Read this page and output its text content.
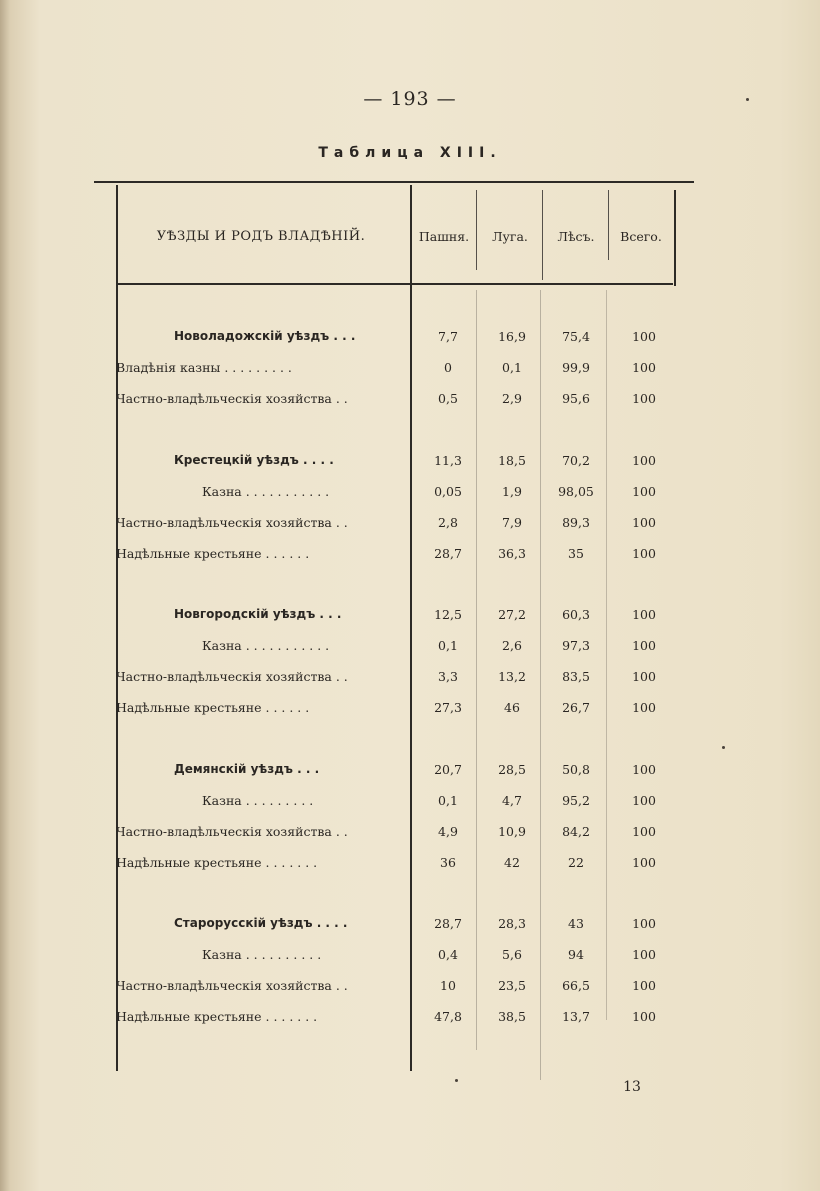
— 193 —
Таблица XIII.
УѢЗДЫ И РОДЪ ВЛАДѢНІЙ.	Пашня.	Луга.	Лѣсъ.	Всего.
Новоладожскій уѣздъ . . .	7,7	16,9	75,4	100
Владѣнія казны . . . . . . . . .	0	0,1	99,9	100
Частно-владѣльческія хозяйства . .	0,5	2,9	95,6	100
Крестецкій уѣздъ . . . .	11,3	18,5	70,2	100
Казна . . . . . . . . . . .	0,05	1,9	98,05	100
Частно-владѣльческія хозяйства . .	2,8	7,9	89,3	100
Надѣльные крестьяне . . . . . .	28,7	36,3	35	100
Новгородскій уѣздъ . . .	12,5	27,2	60,3	100
Казна . . . . . . . . . . .	0,1	2,6	97,3	100
Частно-владѣльческія хозяйства . .	3,3	13,2	83,5	100
Надѣльные крестьяне . . . . . .	27,3	46	26,7	100
Демянскій уѣздъ . . .	20,7	28,5	50,8	100
Казна . . . . . . . . .	0,1	4,7	95,2	100
Частно-владѣльческія хозяйства . .	4,9	10,9	84,2	100
Надѣльные крестьяне . . . . . . .	36	42	22	100
Старорусскій уѣздъ . . . .	28,7	28,3	43	100
Казна . . . . . . . . . .	0,4	5,6	94	100
Частно-владѣльческія хозяйства . .	10	23,5	66,5	100
Надѣльные крестьяне . . . . . . .	47,8	38,5	13,7	100
13
